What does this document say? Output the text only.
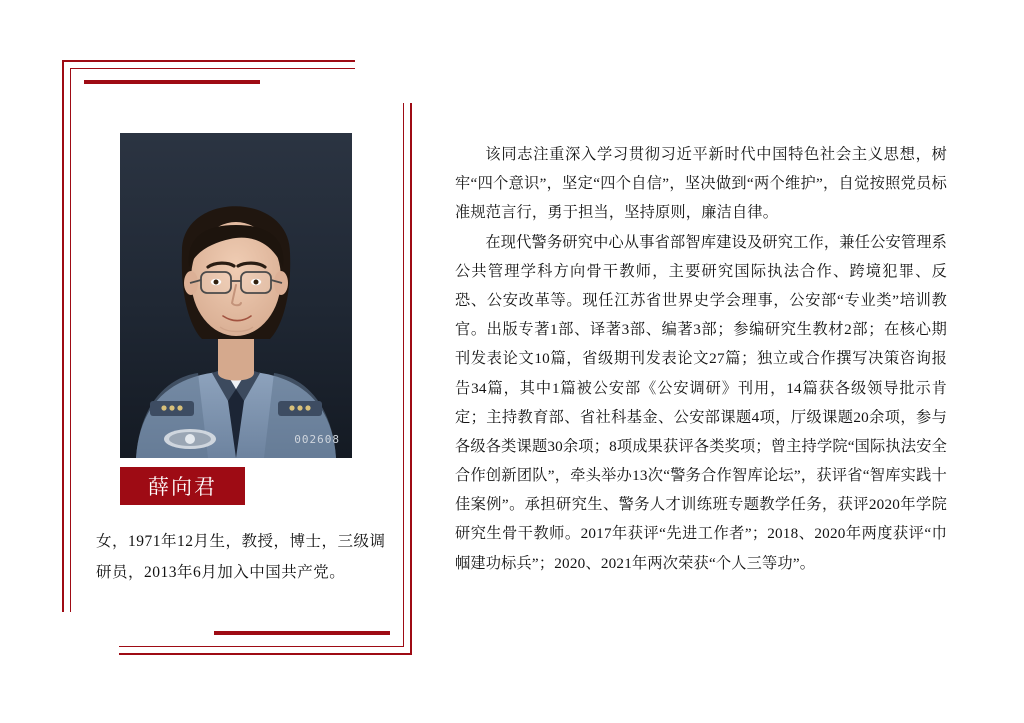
002608
薛向君
女，1971年12月生，教授，博士，三级调研员，2013年6月加入中国共产党。

该同志注重深入学习贯彻习近平新时代中国特色社会主义思想，树牢“四个意识”，坚定“四个自信”，坚决做到“两个维护”，自觉按照党员标准规范言行，勇于担当，坚持原则，廉洁自律。

在现代警务研究中心从事省部智库建设及研究工作，兼任公安管理系公共管理学科方向骨干教师，主要研究国际执法合作、跨境犯罪、反恐、公安改革等。现任江苏省世界史学会理事，公安部“专业类”培训教官。出版专著1部、译著3部、编著3部；参编研究生教材2部；在核心期刊发表论文10篇，省级期刊发表论文27篇；独立或合作撰写决策咨询报告34篇，其中1篇被公安部《公安调研》刊用，14篇获各级领导批示肯定；主持教育部、省社科基金、公安部课题4项，厅级课题20余项，参与各级各类课题30余项；8项成果获评各类奖项；曾主持学院“国际执法安全合作创新团队”，牵头举办13次“警务合作智库论坛”，获评省“智库实践十佳案例”。承担研究生、警务人才训练班专题教学任务，获评2020年学院研究生骨干教师。2017年获评“先进工作者”；2018、2020年两度获评“巾帼建功标兵”；2020、2021年两次荣获“个人三等功”。
